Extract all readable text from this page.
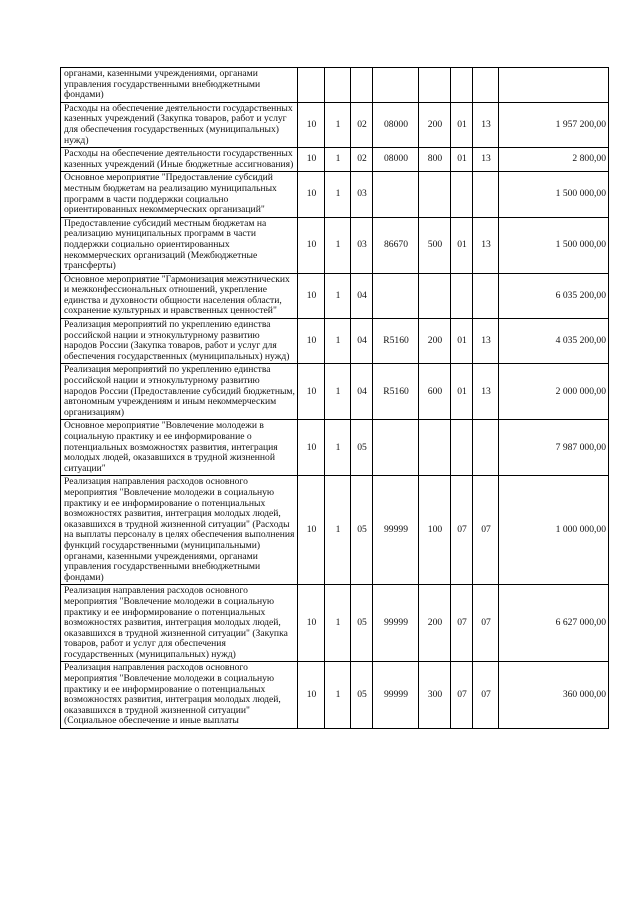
органами, казенными учреждениями, органами управления государственными внебюджетными фондами)								

Расходы на обеспечение деятельности государственных казенных учреждений (Закупка товаров, работ и услуг для обеспечения государственных (муниципальных) нужд)	10	1	02	08000	200	01	13	1 957 200,00

Расходы на обеспечение деятельности государственных казенных учреждений (Иные бюджетные ассигнования)	10	1	02	08000	800	01	13	2 800,00

Основное мероприятие "Предоставление субсидий местным бюджетам на реализацию муниципальных программ в части поддержки социально ориентированных некоммерческих организаций"	10	1	03					1 500 000,00

Предоставление субсидий местным бюджетам на реализацию муниципальных программ в части поддержки социально ориентированных некоммерческих организаций (Межбюджетные трансферты)	10	1	03	86670	500	01	13	1 500 000,00

Основное мероприятие "Гармонизация межэтнических и межконфессиональных отношений, укрепление единства и духовности общности населения области, сохранение культурных и нравственных ценностей"	10	1	04					6 035 200,00

Реализация мероприятий по укреплению единства российской нации и этнокультурному развитию народов России (Закупка товаров, работ и услуг для обеспечения государственных (муниципальных) нужд)	10	1	04	R5160	200	01	13	4 035 200,00

Реализация мероприятий по укреплению единства российской нации и этнокультурному развитию народов России (Предоставление субсидий бюджетным, автономным учреждениям и иным некоммерческим организациям)	10	1	04	R5160	600	01	13	2 000 000,00

Основное мероприятие "Вовлечение молодежи в социальную практику и ее информирование о потенциальных возможностях развития, интеграция молодых людей, оказавшихся в трудной жизненной ситуации"	10	1	05					7 987 000,00

Реализация направления расходов основного мероприятия "Вовлечение молодежи в социальную практику и ее информирование о потенциальных возможностях развития, интеграция молодых людей, оказавшихся в трудной жизненной ситуации" (Расходы на выплаты персоналу в целях обеспечения выполнения функций государственными (муниципальными) органами, казенными учреждениями, органами управления государственными внебюджетными фондами)	10	1	05	99999	100	07	07	1 000 000,00

Реализация направления расходов основного мероприятия "Вовлечение молодежи в социальную практику и ее информирование о потенциальных возможностях развития, интеграция молодых людей, оказавшихся в трудной жизненной ситуации" (Закупка товаров, работ и услуг для обеспечения государственных (муниципальных) нужд)	10	1	05	99999	200	07	07	6 627 000,00

Реализация направления расходов основного мероприятия "Вовлечение молодежи в социальную практику и ее информирование о потенциальных возможностях развития, интеграция молодых людей, оказавшихся в трудной жизненной ситуации" (Социальное обеспечение и иные выплаты	10	1	05	99999	300	07	07	360 000,00
